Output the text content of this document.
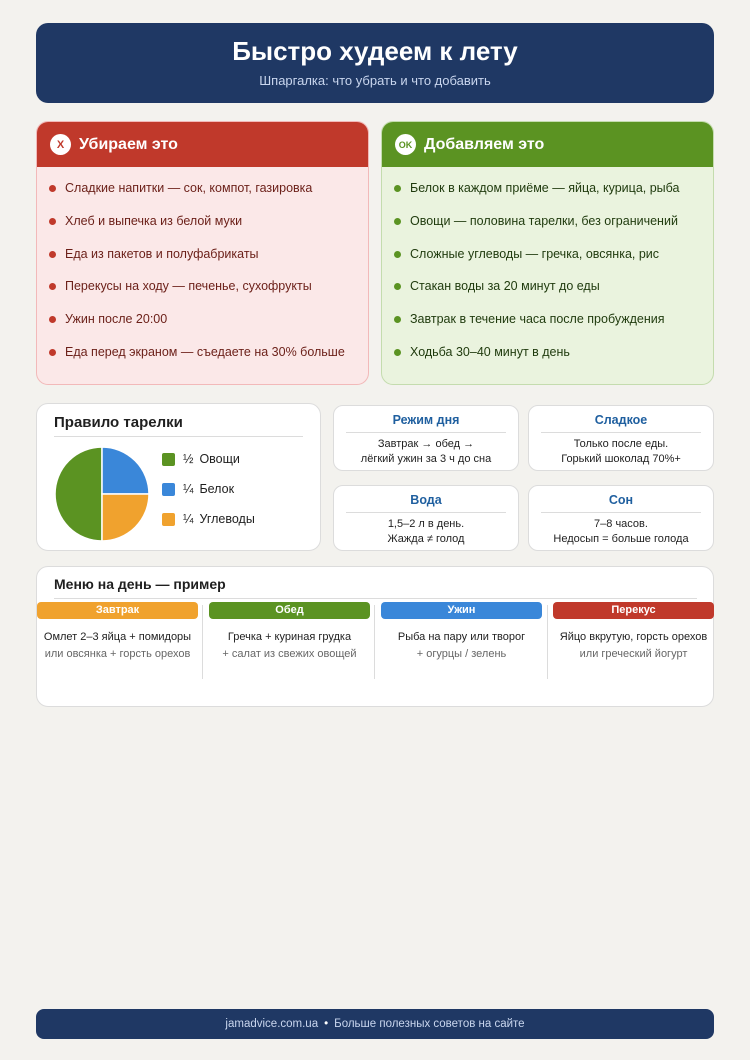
Быстро худеем к лету
Шпаргалка: что убрать и что добавить
X Убираем это
Сладкие напитки — сок, компот, газировка
Хлеб и выпечка из белой муки
Еда из пакетов и полуфабрикаты
Перекусы на ходу — печенье, сухофрукты
Ужин после 20:00
Еда перед экраном — съедаете на 30% больше
OK Добавляем это
Белок в каждом приёме — яйца, курица, рыба
Овощи — половина тарелки, без ограничений
Сложные углеводы — гречка, овсянка, рис
Стакан воды за 20 минут до еды
Завтрак в течение часа после пробуждения
Ходьба 30–40 минут в день
Правило тарелки
½ Овощи
¼ Белок
¼ Углеводы
Режим дня
Завтрак → обед →
лёгкий ужин за 3 ч до сна
Сладкое
Только после еды.
Горький шоколад 70%+
Вода
1,5–2 л в день.
Жажда ≠ голод
Сон
7–8 часов.
Недосып = больше голода
Меню на день — пример
Завтрак
Омлет 2–3 яйца + помидоры
или овсянка + горсть орехов
Обед
Гречка + куриная грудка
+ салат из свежих овощей
Ужин
Рыба на пару или творог
+ огурцы / зелень
Перекус
Яйцо вкрутую, горсть орехов
или греческий йогурт
jamadvice.com.ua • Больше полезных советов на сайте
